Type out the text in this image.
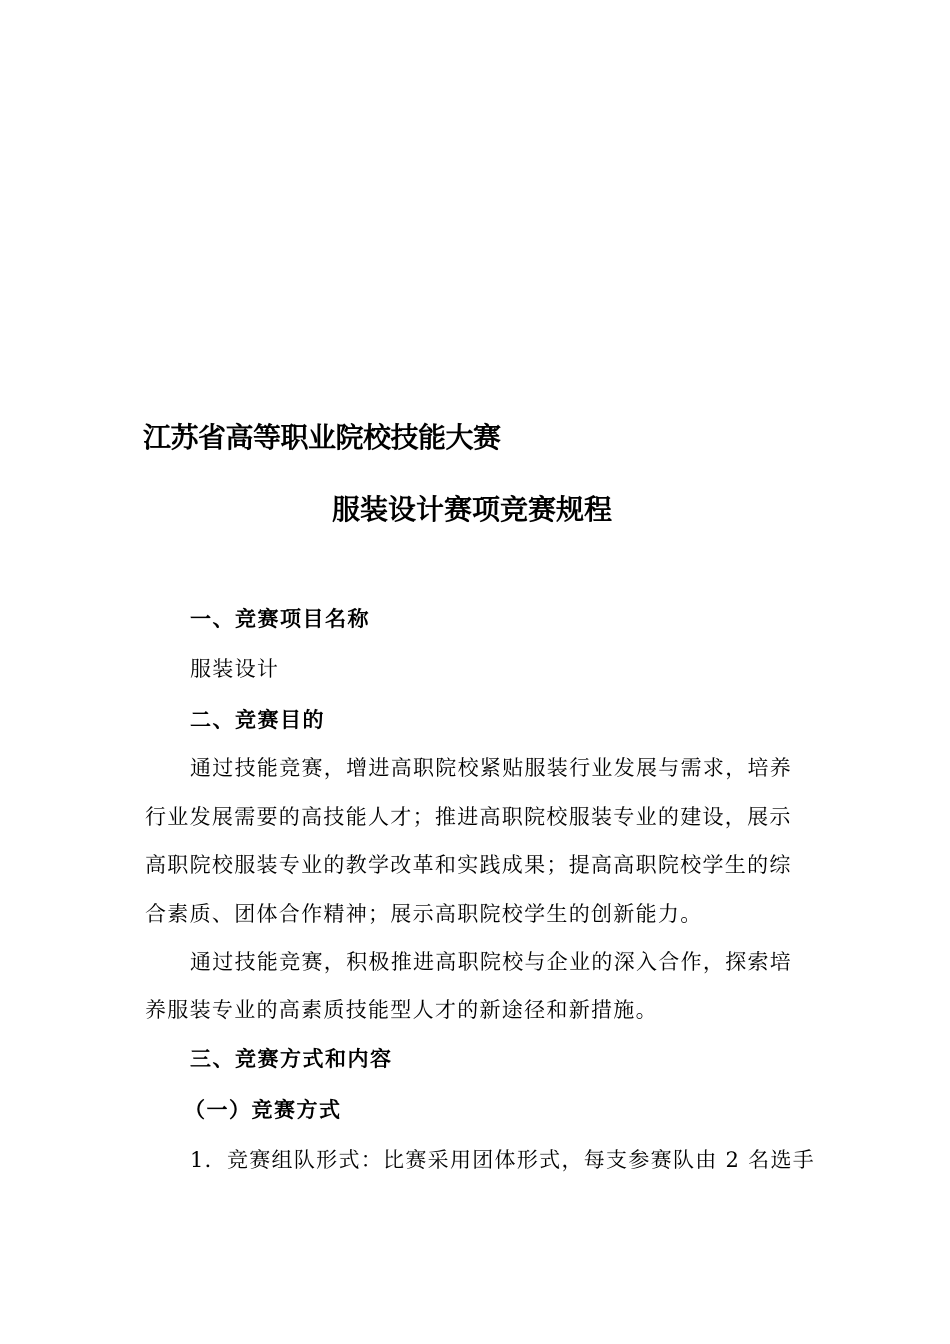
江苏省高等职业院校技能大赛
服装设计赛项竞赛规程
一、竞赛项目名称
服装设计
二、竞赛目的
通过技能竞赛，增进高职院校紧贴服装行业发展与需求，培养
行业发展需要的高技能人才；推进高职院校服装专业的建设，展示
高职院校服装专业的教学改革和实践成果；提高高职院校学生的综
合素质、团体合作精神；展示高职院校学生的创新能力。
通过技能竞赛，积极推进高职院校与企业的深入合作，探索培
养服装专业的高素质技能型人才的新途径和新措施。
三、竞赛方式和内容
（一）竞赛方式
1．竞赛组队形式：比赛采用团体形式，每支参赛队由 2 名选手
